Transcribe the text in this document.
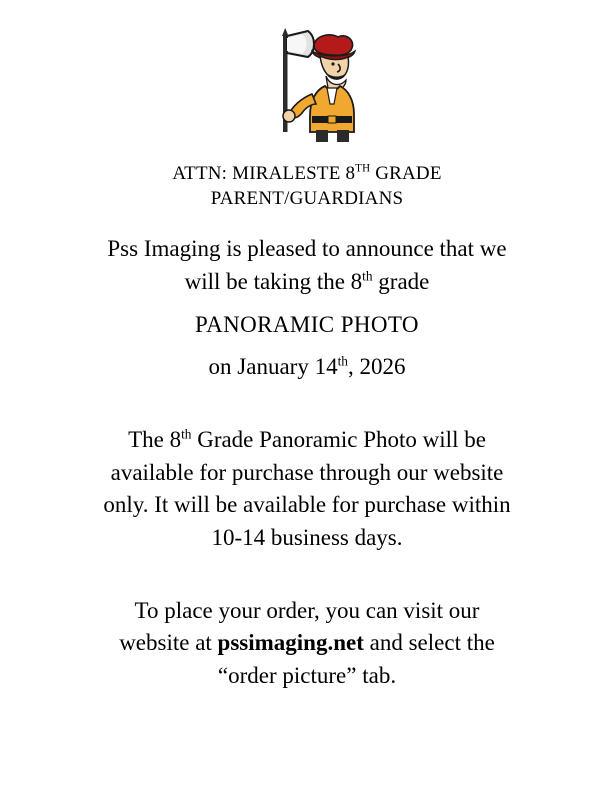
ATTN: MIRALESTE 8TH GRADE
PARENT/GUARDIANS
Pss Imaging is pleased to announce that we
will be taking the 8th grade
PANORAMIC PHOTO
on January 14th, 2026
The 8th Grade Panoramic Photo will be
available for purchase through our website
only. It will be available for purchase within
10-14 business days.
To place your order, you can visit our
website at pssimaging.net and select the
“order picture” tab.
